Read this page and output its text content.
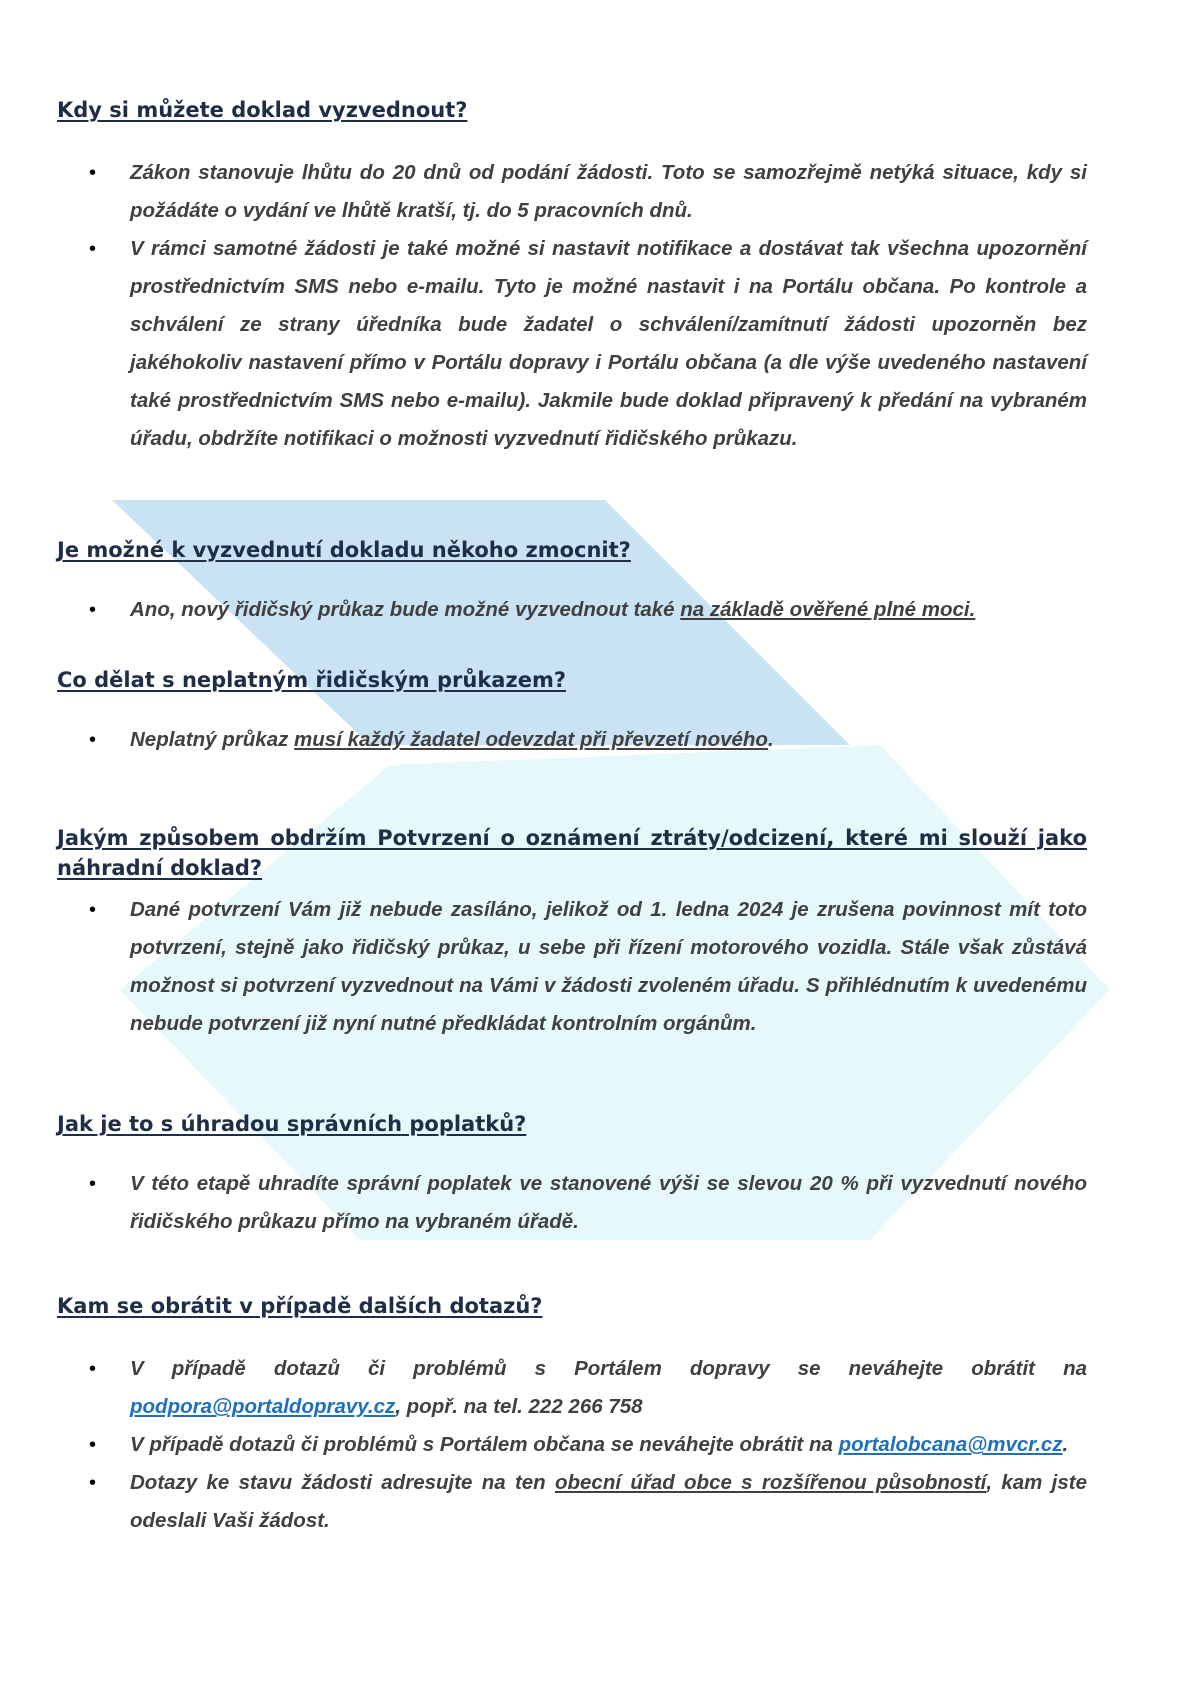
Kdy si můžete doklad vyzvednout?
• Zákon stanovuje lhůtu do 20 dnů od podání žádosti. Toto se samozřejmě netýká situace, kdy si požádáte o vydání ve lhůtě kratší, tj. do 5 pracovních dnů.
• V rámci samotné žádosti je také možné si nastavit notifikace a dostávat tak všechna upozornění prostřednictvím SMS nebo e-mailu. Tyto je možné nastavit i na Portálu občana. Po kontrole a schválení ze strany úředníka bude žadatel o schválení/zamítnutí žádosti upozorněn bez jakéhokoliv nastavení přímo v Portálu dopravy i Portálu občana (a dle výše uvedeného nastavení také prostřednictvím SMS nebo e-mailu). Jakmile bude doklad připravený k předání na vybraném úřadu, obdržíte notifikaci o možnosti vyzvednutí řidičského průkazu.
Je možné k vyzvednutí dokladu někoho zmocnit?
• Ano, nový řidičský průkaz bude možné vyzvednout také na základě ověřené plné moci.
Co dělat s neplatným řidičským průkazem?
• Neplatný průkaz musí každý žadatel odevzdat při převzetí nového.
Jakým způsobem obdržím Potvrzení o oznámení ztráty/odcizení, které mi slouží jako náhradní doklad?
• Dané potvrzení Vám již nebude zasíláno, jelikož od 1. ledna 2024 je zrušena povinnost mít toto potvrzení, stejně jako řidičský průkaz, u sebe při řízení motorového vozidla. Stále však zůstává možnost si potvrzení vyzvednout na Vámi v žádosti zvoleném úřadu. S přihlédnutím k uvedenému nebude potvrzení již nyní nutné předkládat kontrolním orgánům.
Jak je to s úhradou správních poplatků?
• V této etapě uhradíte správní poplatek ve stanovené výši se slevou 20 % při vyzvednutí nového řidičského průkazu přímo na vybraném úřadě.
Kam se obrátit v případě dalších dotazů?
• V případě dotazů či problémů s Portálem dopravy se neváhejte obrátit na podpora@portaldopravy.cz, popř. na tel. 222 266 758
• V případě dotazů či problémů s Portálem občana se neváhejte obrátit na portalobcana@mvcr.cz.
• Dotazy ke stavu žádosti adresujte na ten obecní úřad obce s rozšířenou působností, kam jste odeslali Vaši žádost.
